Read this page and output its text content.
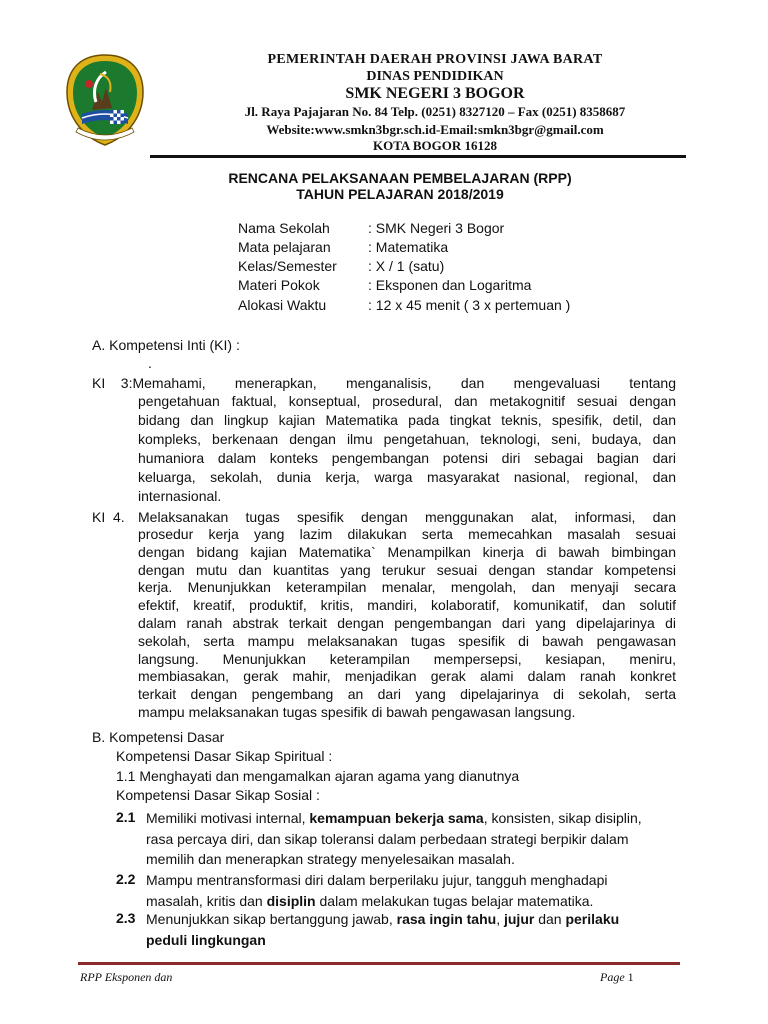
PEMERINTAH DAERAH PROVINSI JAWA BARAT
DINAS PENDIDIKAN
SMK NEGERI 3 BOGOR
Jl. Raya Pajajaran No. 84 Telp. (0251) 8327120 – Fax (0251) 8358687
Website:www.smkn3bgr.sch.id-Email:smkn3bgr@gmail.com
KOTA BOGOR 16128
RENCANA PELAKSANAAN PEMBELAJARAN (RPP)
TAHUN PELAJARAN 2018/2019
Nama Sekolah	: SMK Negeri 3 Bogor
Mata pelajaran	: Matematika
Kelas/Semester : X / 1 (satu)
Materi Pokok	: Eksponen dan Logaritma
Alokasi Waktu	: 12 x 45 menit ( 3 x pertemuan )
A. Kompetensi Inti (KI) :
.
KI    3: Memahami, menerapkan, menganalisis, dan mengevaluasi tentang
pengetahuan faktual, konseptual, prosedural, dan metakognitif sesuai dengan
bidang dan lingkup kajian Matematika pada tingkat teknis, spesifik, detil, dan
kompleks, berkenaan dengan ilmu pengetahuan, teknologi, seni, budaya, dan
humaniora dalam konteks pengembangan potensi diri sebagai bagian dari
keluarga, sekolah, dunia kerja, warga masyarakat nasional, regional, dan
internasional.
KI  4. Melaksanakan tugas spesifik dengan menggunakan alat, informasi, dan
prosedur kerja yang lazim dilakukan serta memecahkan masalah sesuai
dengan bidang kajian Matematika` Menampilkan kinerja di bawah bimbingan
dengan mutu dan kuantitas yang terukur sesuai dengan standar kompetensi
kerja. Menunjukkan keterampilan menalar, mengolah, dan menyaji secara
efektif, kreatif, produktif, kritis, mandiri, kolaboratif, komunikatif, dan solutif
dalam ranah abstrak terkait dengan pengembangan dari yang dipelajarinya di
sekolah, serta mampu melaksanakan tugas spesifik di bawah pengawasan
langsung. Menunjukkan keterampilan mempersepsi, kesiapan, meniru,
membiasakan, gerak mahir, menjadikan gerak alami dalam ranah konkret
terkait dengan pengembang an dari yang dipelajarinya di sekolah, serta
mampu melaksanakan tugas spesifik di bawah pengawasan langsung.
B. Kompetensi Dasar
Kompetensi Dasar Sikap Spiritual :
1.1 Menghayati dan mengamalkan ajaran agama yang dianutnya
Kompetensi Dasar Sikap Sosial :
2.1 Memiliki motivasi internal, kemampuan bekerja sama, konsisten, sikap disiplin,
rasa percaya diri, dan sikap toleransi dalam perbedaan strategi berpikir dalam
memilih dan menerapkan strategy menyelesaikan masalah.
2.2 Mampu mentransformasi diri dalam berperilaku jujur, tangguh menghadapi
masalah, kritis dan disiplin dalam melakukan tugas belajar matematika.
2.3 Menunjukkan sikap bertanggung jawab, rasa ingin tahu, jujur dan perilaku
peduli lingkungan
RPP Eksponen dan	Page 1
